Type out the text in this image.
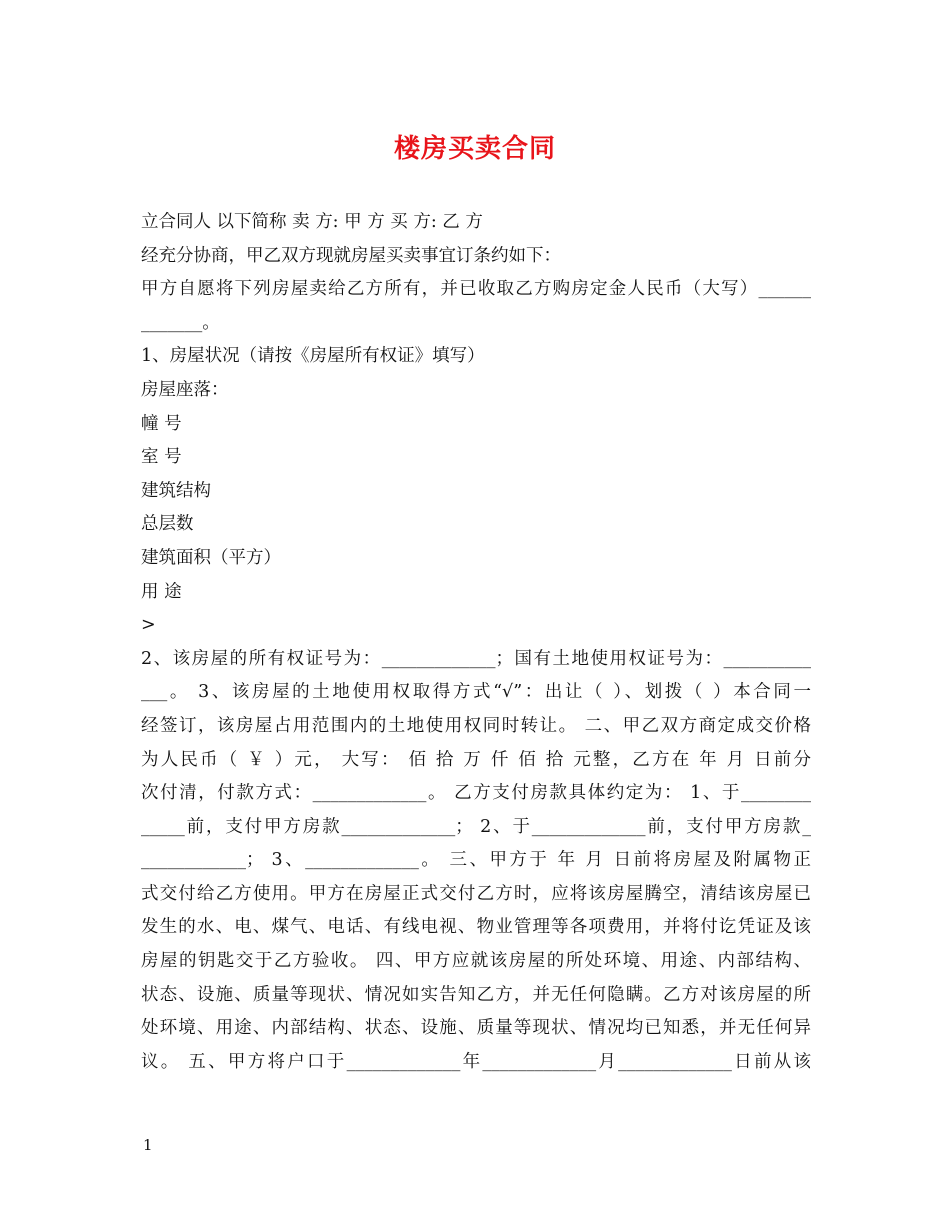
楼房买卖合同
立合同人 以下简称 卖 方: 甲 方 买 方: 乙 方
经充分协商，甲乙双方现就房屋买卖事宜订条约如下：
甲方自愿将下列房屋卖给乙方所有，并已收取乙方购房定金人民币（大写）______
_______。
1、房屋状况（请按《房屋所有权证》填写）
房屋座落：
幢 号
室 号
建筑结构
总层数
建筑面积（平方）
用 途
>
2、该房屋的所有权证号为：_____________；国有土地使用权证号为：__________
___。 3、该房屋的土地使用权取得方式“√”：出让（ ）、划拨（ ）本合同一
经签订，该房屋占用范围内的土地使用权同时转让。 二、甲乙双方商定成交价格
为人民币（ ￥ ）元， 大写： 佰 拾 万 仟 佰 拾 元整，乙方在 年 月 日前分
次付清，付款方式：_____________。 乙方支付房款具体约定为： 1、于________
_____前，支付甲方房款_____________； 2、于_____________前，支付甲方房款_
____________； 3、_____________。 三、甲方于 年 月 日前将房屋及附属物正
式交付给乙方使用。甲方在房屋正式交付乙方时，应将该房屋腾空，清结该房屋已
发生的水、电、煤气、电话、有线电视、物业管理等各项费用，并将付讫凭证及该
房屋的钥匙交于乙方验收。 四、甲方应就该房屋的所处环境、用途、内部结构、
状态、设施、质量等现状、情况如实告知乙方，并无任何隐瞒。乙方对该房屋的所
处环境、用途、内部结构、状态、设施、质量等现状、情况均已知悉，并无任何异
议。 五、甲方将户口于_____________年_____________月_____________日前从该
1
